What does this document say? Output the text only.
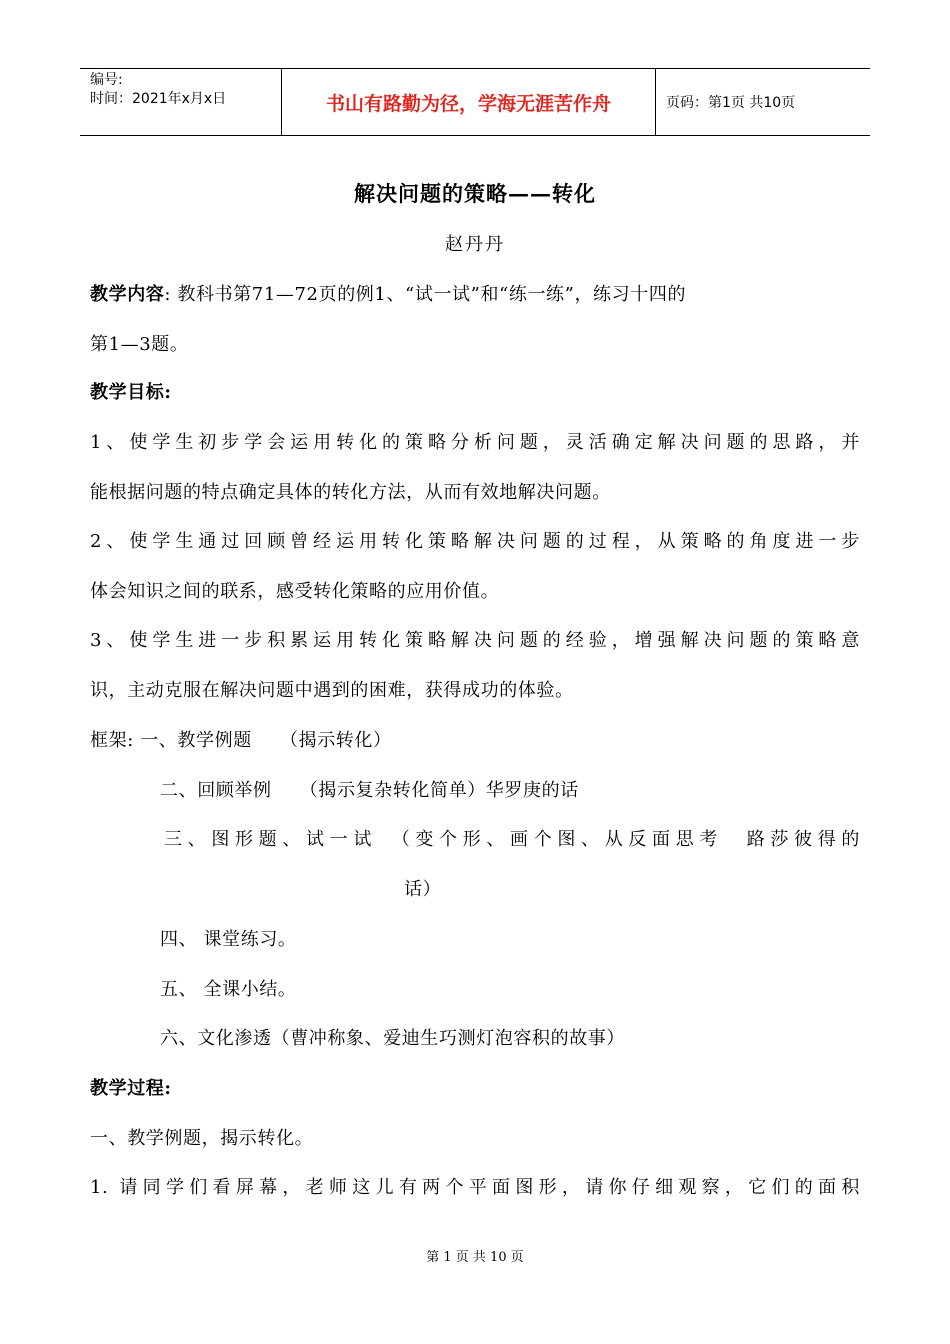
编号:
时间：2021年x月x日	书山有路勤为径，学海无涯苦作舟	页码：第1页 共10页
解决问题的策略——转化
赵丹丹
教学内容: 教科书第71—72页的例1、“试一试”和“练一练”，练习十四的
第1—3题。
教学目标:
1、使学生初步学会运用转化的策略分析问题，灵活确定解决问题的思路，并
能根据问题的特点确定具体的转化方法，从而有效地解决问题。
2、使学生通过回顾曾经运用转化策略解决问题的过程，从策略的角度进一步
体会知识之间的联系，感受转化策略的应用价值。
3、使学生进一步积累运用转化策略解决问题的经验，增强解决问题的策略意
识，主动克服在解决问题中遇到的困难，获得成功的体验。
框架: 一、教学例题　　（揭示转化）
二、回顾举例　　（揭示复杂转化简单）华罗庚的话
三、图形题、试一试　（变个形、画个图、从反面思考　路莎彼得的
话）
四、 课堂练习。
五、 全课小结。
六、文化渗透（曹冲称象、爱迪生巧测灯泡容积的故事）
教学过程:
一、教学例题，揭示转化。
1. 请同学们看屏幕，老师这儿有两个平面图形，请你仔细观察，它们的面积
第 1 页 共 10 页
